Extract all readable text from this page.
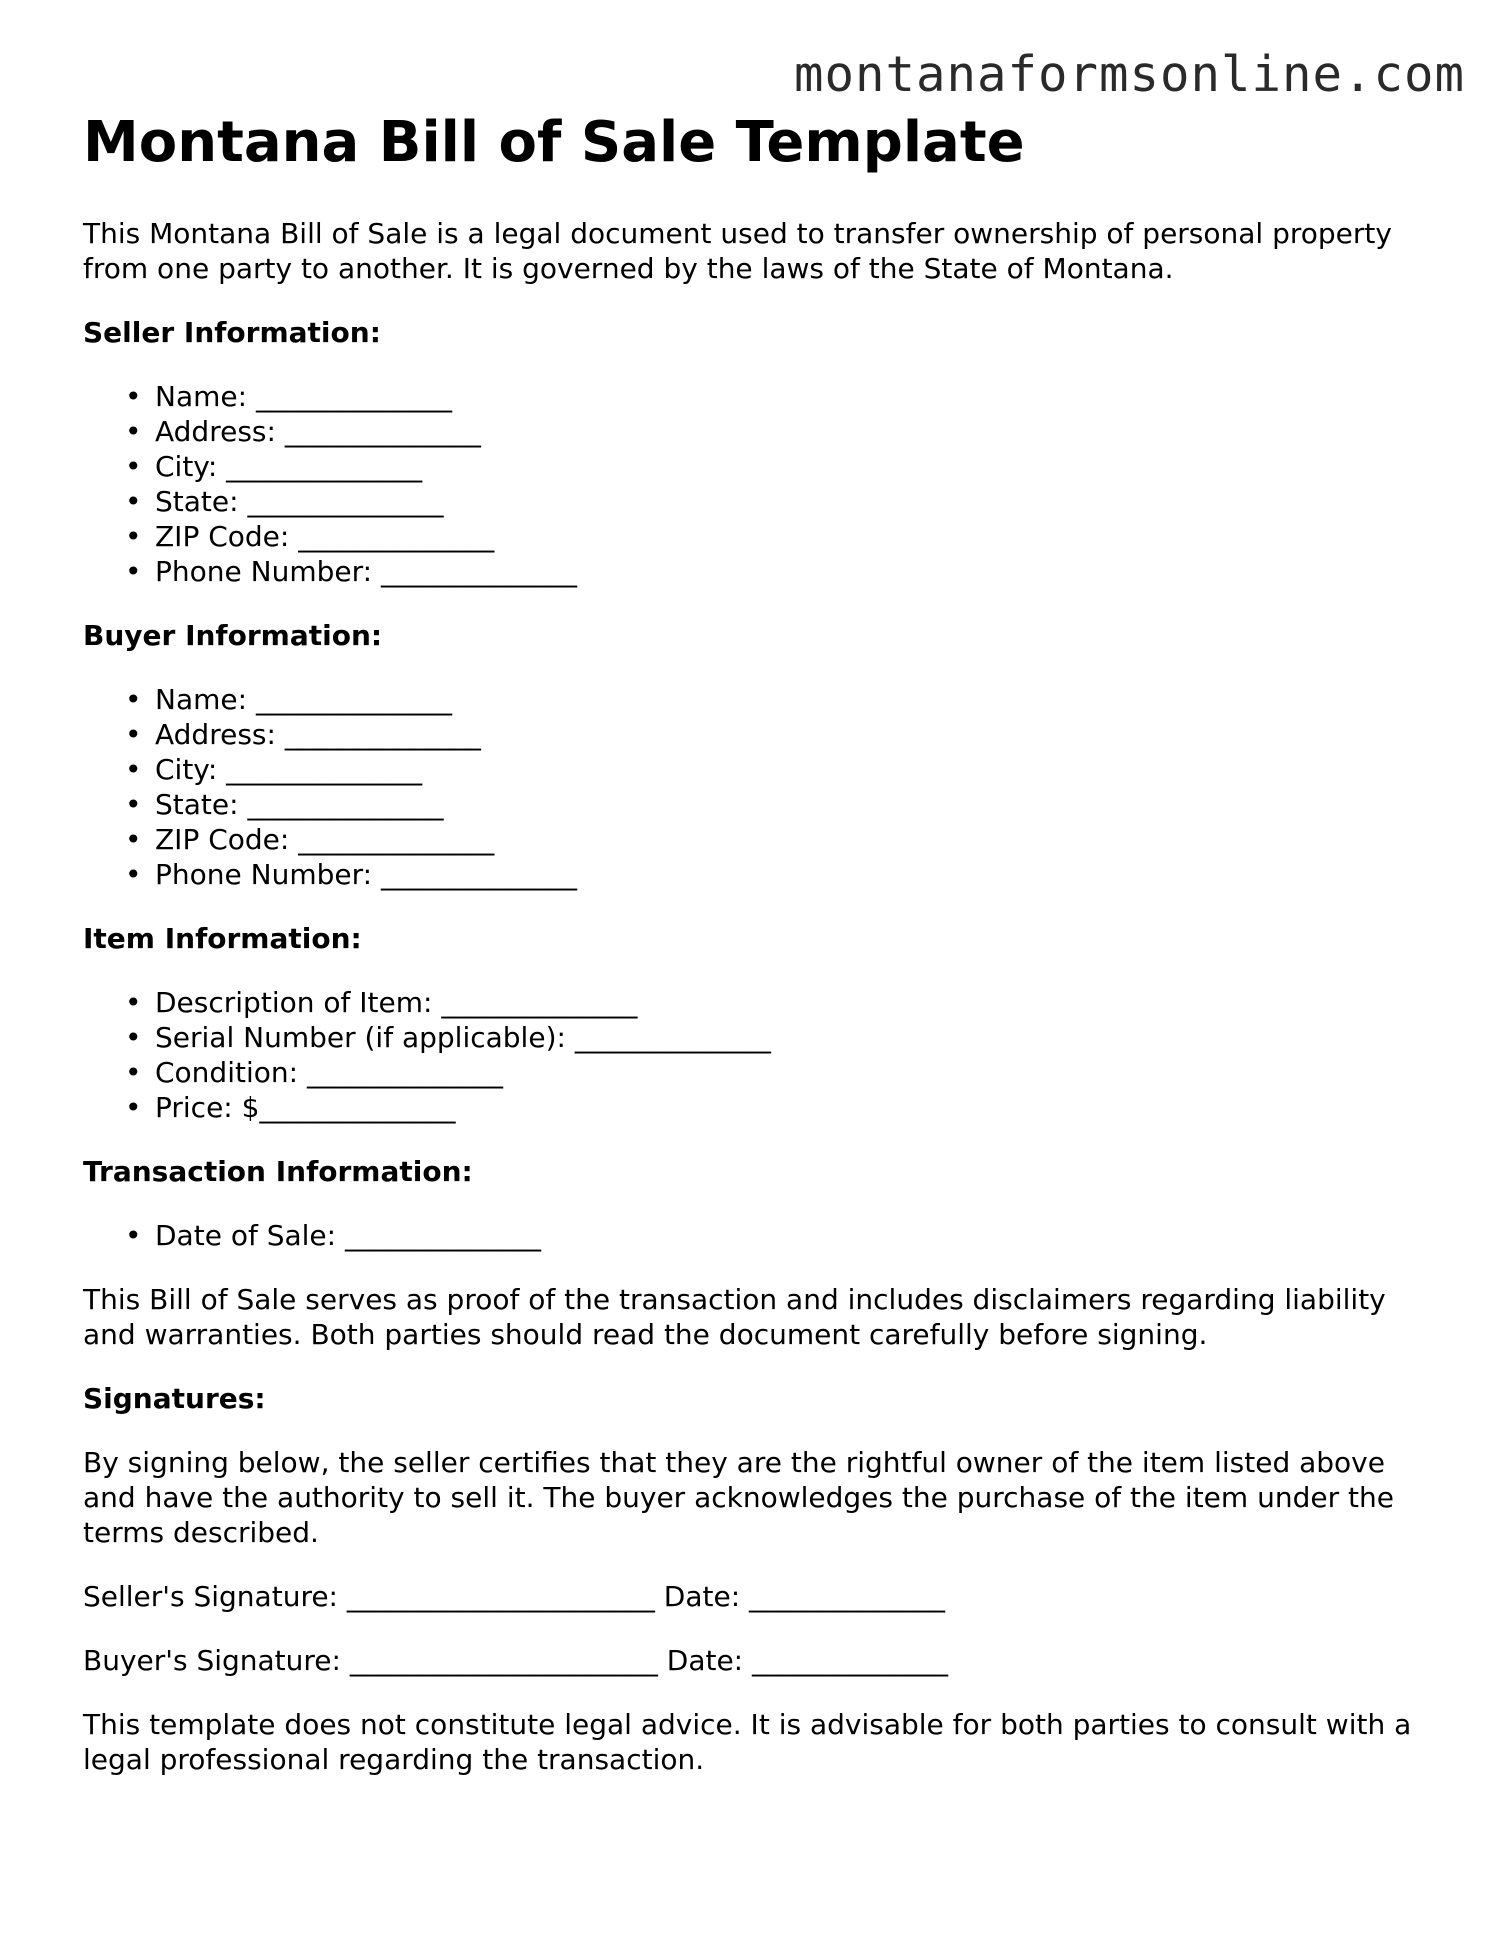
montanaformsonline.com
Montana Bill of Sale Template

This Montana Bill of Sale is a legal document used to transfer ownership of personal property from one party to another. It is governed by the laws of the State of Montana.

Seller Information:
• Name: ______________
• Address: ______________
• City: ______________
• State: ______________
• ZIP Code: ______________
• Phone Number: ______________
Buyer Information:
• Name: ______________
• Address: ______________
• City: ______________
• State: ______________
• ZIP Code: ______________
• Phone Number: ______________
Item Information:
• Description of Item: ______________
• Serial Number (if applicable): ______________
• Condition: ______________
• Price: $______________
Transaction Information:
• Date of Sale: ______________

This Bill of Sale serves as proof of the transaction and includes disclaimers regarding liability and warranties. Both parties should read the document carefully before signing.

Signatures:

By signing below, the seller certifies that they are the rightful owner of the item listed above and have the authority to sell it. The buyer acknowledges the purchase of the item under the terms described.

Seller's Signature: ______________________ Date: ______________
Buyer's Signature: ______________________ Date: ______________

This template does not constitute legal advice. It is advisable for both parties to consult with a legal professional regarding the transaction.
